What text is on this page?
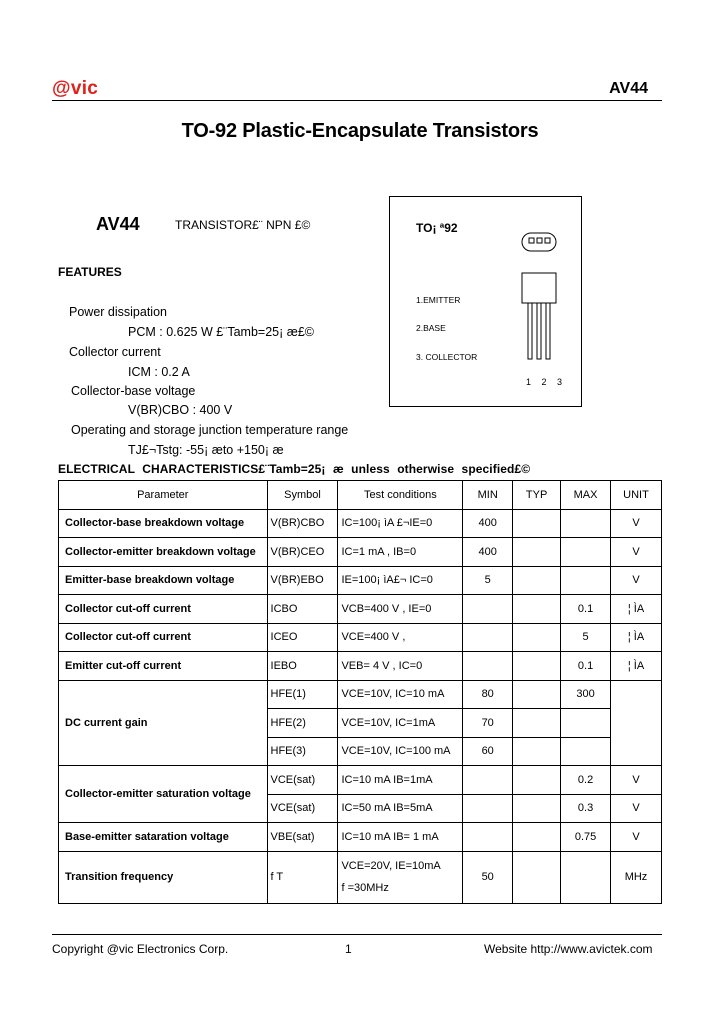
@vic	AV44
TO-92 Plastic-Encapsulate Transistors
AV44	TRANSISTOR£¨ NPN £©
FEATURES
Power dissipation
PCM : 0.625 W £¨Tamb=25¡ æ£©
Collector current
ICM : 0.2 A
Collector-base voltage
V(BR)CBO : 400 V
Operating and storage junction temperature range
TJ£¬Tstg: -55¡ æto +150¡ æ
TO¡ ª92
1.EMITTER
2.BASE
3. COLLECTOR
1 2 3
ELECTRICAL CHARACTERISTICS£¨Tamb=25¡ æ unless otherwise specified£©
Parameter	Symbol	Test conditions	MIN	TYP	MAX	UNIT
Collector-base breakdown voltage	V(BR)CBO	IC=100¡ ìA £¬IE=0	400			V
Collector-emitter breakdown voltage	V(BR)CEO	IC=1 mA , IB=0	400			V
Emitter-base breakdown voltage	V(BR)EBO	IE=100¡ ìA£¬ IC=0	5			V
Collector cut-off current	ICBO	VCB=400 V , IE=0			0.1	¦ ÌA
Collector cut-off current	ICEO	VCE=400 V ,			5	¦ ÌA
Emitter cut-off current	IEBO	VEB= 4 V , IC=0			0.1	¦ ÌA
DC current gain	HFE(1)	VCE=10V, IC=10 mA	80		300	
	HFE(2)	VCE=10V, IC=1mA	70			
	HFE(3)	VCE=10V, IC=100 mA	60			
Collector-emitter saturation voltage	VCE(sat)	IC=10 mA IB=1mA			0.2	V
	VCE(sat)	IC=50 mA IB=5mA			0.3	V
Base-emitter sataration voltage	VBE(sat)	IC=10 mA IB= 1 mA			0.75	V
Transition frequency	f T	VCE=20V, IE=10mA
f =30MHz	50			MHz
Copyright @vic Electronics Corp.	1	Website http://www.avictek.com
